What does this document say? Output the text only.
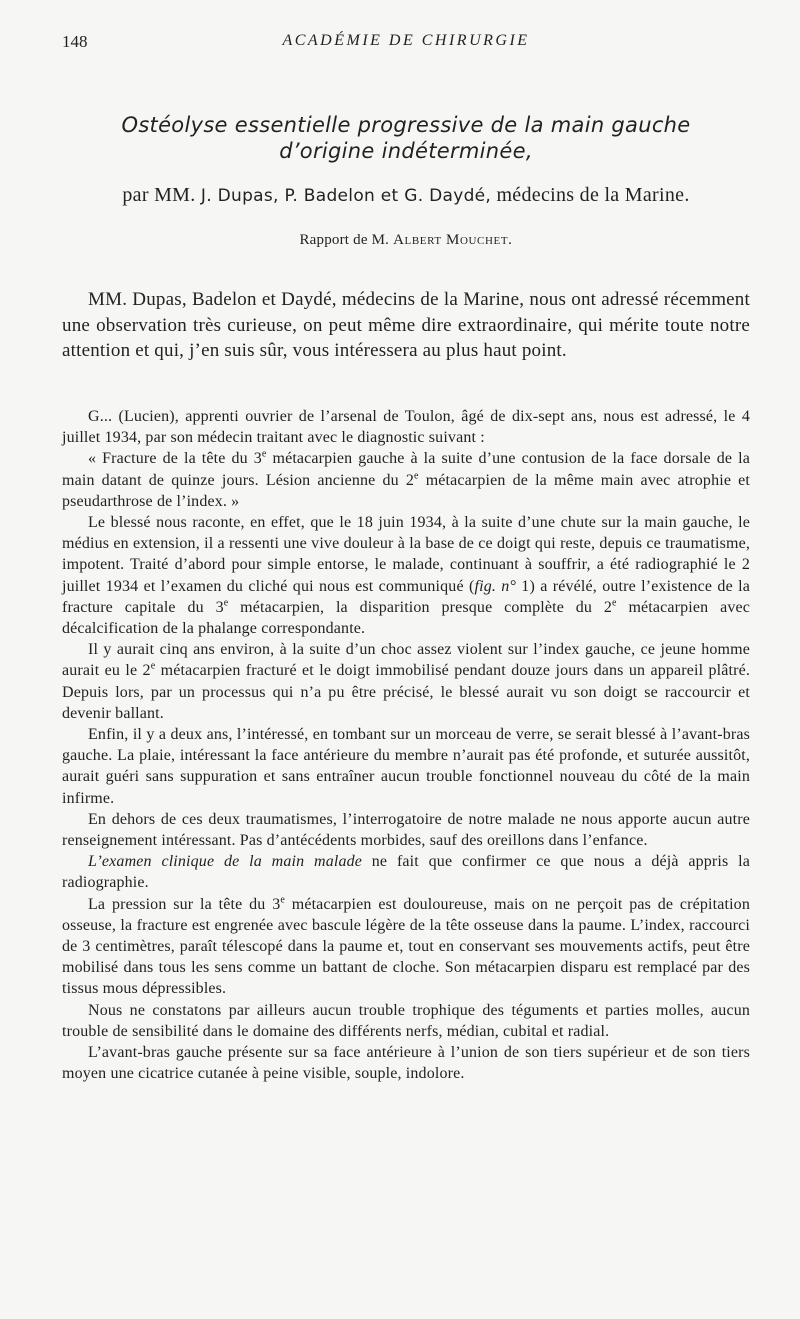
148	ACADÉMIE DE CHIRURGIE
Ostéolyse essentielle progressive de la main gauche
d’origine indéterminée,
par MM. J. Dupas, P. Badelon et G. Daydé, médecins de la Marine.
Rapport de M. Albert Mouchet.

MM. Dupas, Badelon et Daydé, médecins de la Marine, nous ont adressé récemment une observation très curieuse, on peut même dire extraordinaire, qui mérite toute notre attention et qui, j’en suis sûr, vous intéressera au plus haut point.

G... (Lucien), apprenti ouvrier de l’arsenal de Toulon, âgé de dix-sept ans, nous est adressé, le 4 juillet 1934, par son médecin traitant avec le diagnostic suivant :

« Fracture de la tête du 3e métacarpien gauche à la suite d’une contusion de la face dorsale de la main datant de quinze jours. Lésion ancienne du 2e métacarpien de la même main avec atrophie et pseudarthrose de l’index. »

Le blessé nous raconte, en effet, que le 18 juin 1934, à la suite d’une chute sur la main gauche, le médius en extension, il a ressenti une vive douleur à la base de ce doigt qui reste, depuis ce traumatisme, impotent. Traité d’abord pour simple entorse, le malade, continuant à souffrir, a été radiographié le 2 juillet 1934 et l’examen du cliché qui nous est communiqué (fig. n° 1) a révélé, outre l’existence de la fracture capitale du 3e métacarpien, la disparition presque complète du 2e métacarpien avec décalcification de la phalange correspondante.

Il y aurait cinq ans environ, à la suite d’un choc assez violent sur l’index gauche, ce jeune homme aurait eu le 2e métacarpien fracturé et le doigt immobilisé pendant douze jours dans un appareil plâtré. Depuis lors, par un processus qui n’a pu être précisé, le blessé aurait vu son doigt se raccourcir et devenir ballant.

Enfin, il y a deux ans, l’intéressé, en tombant sur un morceau de verre, se serait blessé à l’avant-bras gauche. La plaie, intéressant la face antérieure du membre n’aurait pas été profonde, et suturée aussitôt, aurait guéri sans suppuration et sans entraîner aucun trouble fonctionnel nouveau du côté de la main infirme.

En dehors de ces deux traumatismes, l’interrogatoire de notre malade ne nous apporte aucun autre renseignement intéressant. Pas d’antécédents morbides, sauf des oreillons dans l’enfance.

L’examen clinique de la main malade ne fait que confirmer ce que nous a déjà appris la radiographie.

La pression sur la tête du 3e métacarpien est douloureuse, mais on ne perçoit pas de crépitation osseuse, la fracture est engrenée avec bascule légère de la tête osseuse dans la paume. L’index, raccourci de 3 centimètres, paraît télescopé dans la paume et, tout en conservant ses mouvements actifs, peut être mobilisé dans tous les sens comme un battant de cloche. Son métacarpien disparu est remplacé par des tissus mous dépressibles.

Nous ne constatons par ailleurs aucun trouble trophique des téguments et parties molles, aucun trouble de sensibilité dans le domaine des différents nerfs, médian, cubital et radial.

L’avant-bras gauche présente sur sa face antérieure à l’union de son tiers supérieur et de son tiers moyen une cicatrice cutanée à peine visible, souple, indolore.
